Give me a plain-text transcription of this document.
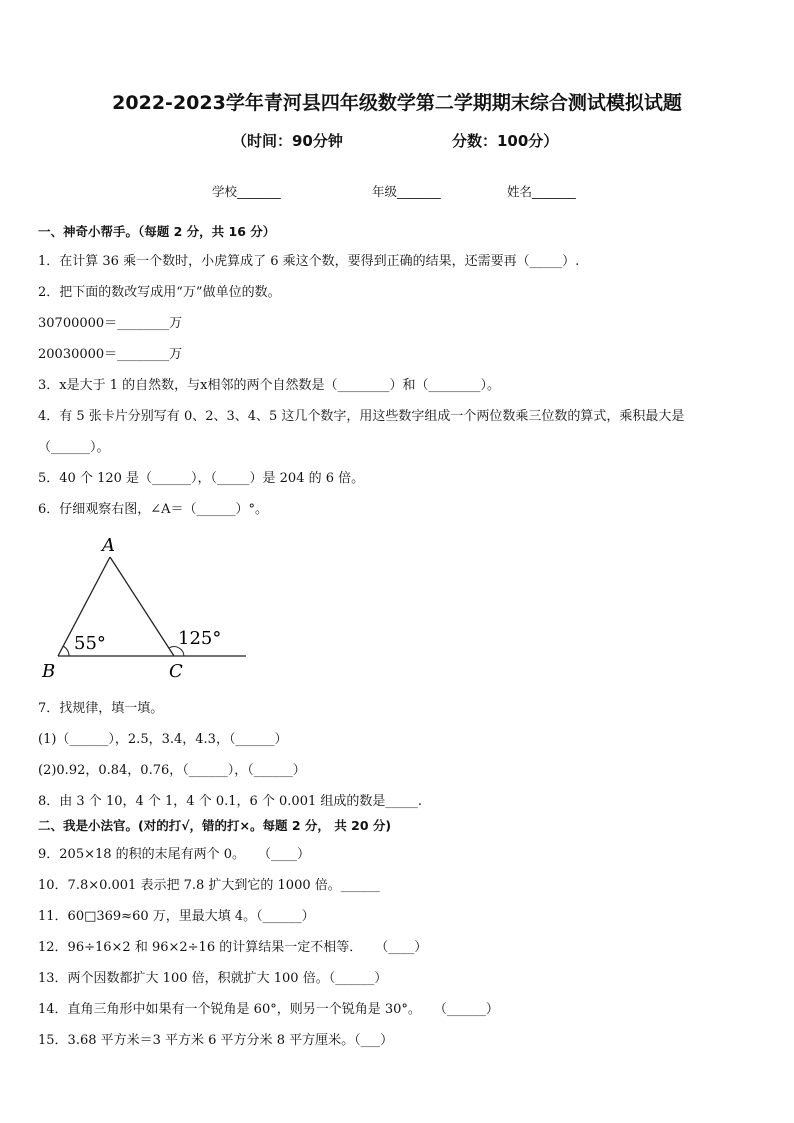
2022-2023学年青河县四年级数学第二学期期末综合测试模拟试题
（时间：90分钟	分数：100分）
学校_______	年级_______	姓名_______
一、神奇小帮手。（每题 2 分，共 16 分）
1．在计算 36 乘一个数时，小虎算成了 6 乘这个数，要得到正确的结果，还需要再（_____）.
2．把下面的数改写成用“万”做单位的数。
30700000＝________万
20030000＝________万
3．x是大于 1 的自然数，与x相邻的两个自然数是（________）和（________）。
4．有 5 张卡片分别写有 0、2、3、4、5 这几个数字，用这些数字组成一个两位数乘三位数的算式，乘积最大是
（______）。
5．40 个 120 是（______），（_____）是 204 的 6 倍。
6．仔细观察右图，∠A＝（______）°。
A
B	C
55°	125°
7．找规律，填一填。
(1)（______），2.5，3.4，4.3，（______）
(2)0.92，0.84，0.76，（______），（______）
8．由 3 个 10，4 个 1，4 个 0.1，6 个 0.001 组成的数是_____.
二、我是小法官。(对的打√，错的打×。每题 2 分， 共 20 分)
9．205×18 的积的末尾有两个 0。　　（____）
10．7.8×0.001 表示把 7.8 扩大到它的 1000 倍。______
11．60□369≈60 万，里最大填 4。（______）
12．96÷16×2 和 96×2÷16 的计算结果一定不相等．　　（____）
13．两个因数都扩大 100 倍，积就扩大 100 倍。（______）
14．直角三角形中如果有一个锐角是 60°，则另一个锐角是 30°。　　（______）
15．3.68 平方米＝3 平方米 6 平方分米 8 平方厘米。（___）
